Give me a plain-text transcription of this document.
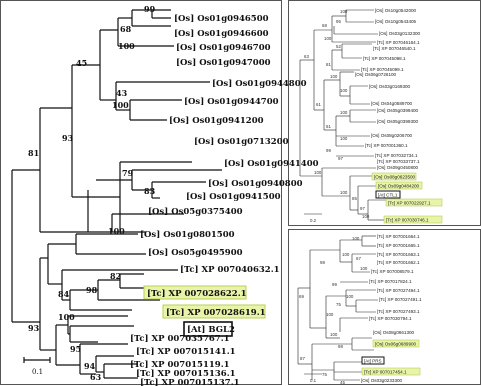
[Os] Os01g0946500
[Os] Os01g0946600
[Os] Os01g0946700
[Os] Os01g0947000
[Os] Os01g0944800
[Os] Os01g0944700
[Os] Os01g0941200
[Os] Os01g0713200
[Os] Os01g0941400
[Os] Os01g0940800
[Os] Os01g0941500
[Os] Os05g0375400
[Os] Os01g0801500
[Os] Os05g0495900
[Tc] XP 007040632.1
[Tc] XP 007028622.1
[Tc] XP 007028619.1
[At] BGL2
[Tc] XP 007035767.1
[Tc] XP 007015141.1
[Tc] XP 007015119.1
[Tc] XP 007015136.1
[Tc] XP 007015137.1
99
68
100
45
43
100
93
79
83
81
100
82
98
84
100
93
95
94
63
0.1
[Os] Os10g0542000
[Os] Os10g0543405
[Os] Os03g0132300
[Tc] XP 007046164.1
[Tc] XP 007046540.1
[Tc] XP 007045098.1
[Tc] XP 007045099.1
[Os] Os06g0726100
[Os] Os03g0169300
[Os] Os04g0589700
[Os] Os05g0399400
[Os] Os05g0399300
[Os] Os08g0206700
[Tc] XP 007001360.1
[Tc] XP 007032734.1
[Tc] XP 007033737.1
[Os] Os09g0450800
[Os] Os08g0623500
[Os] Os09g0484200
[At] CTL1
[Tc] XP 007022927.1
[Tc] XP 007030746.1
100
68
95
100
52
63
81
100
100
61
100
61
100
99
97
100
100
85
97
100
0.2
[Tc] XP 007001664.1
[Tc] XP 007001665.1
[Tc] XP 007001663.1
[Tc] XP 007001662.1
[Tc] XP 007008579.1
[Tc] XP 007017824.1
[Tc] XP 007027494.1
[Tc] XP 007027491.1
[Tc] XP 007027493.1
[Tc] XP 007030794.1
[Os] Os08g0661300
[Os] Os06g0689900
[At] PRS
[Tc] XP 007017454.1
[Os] Os03g0233300
100
100
67
100
98
99
100
75
100
69
100
98
87
75
45
0.1
